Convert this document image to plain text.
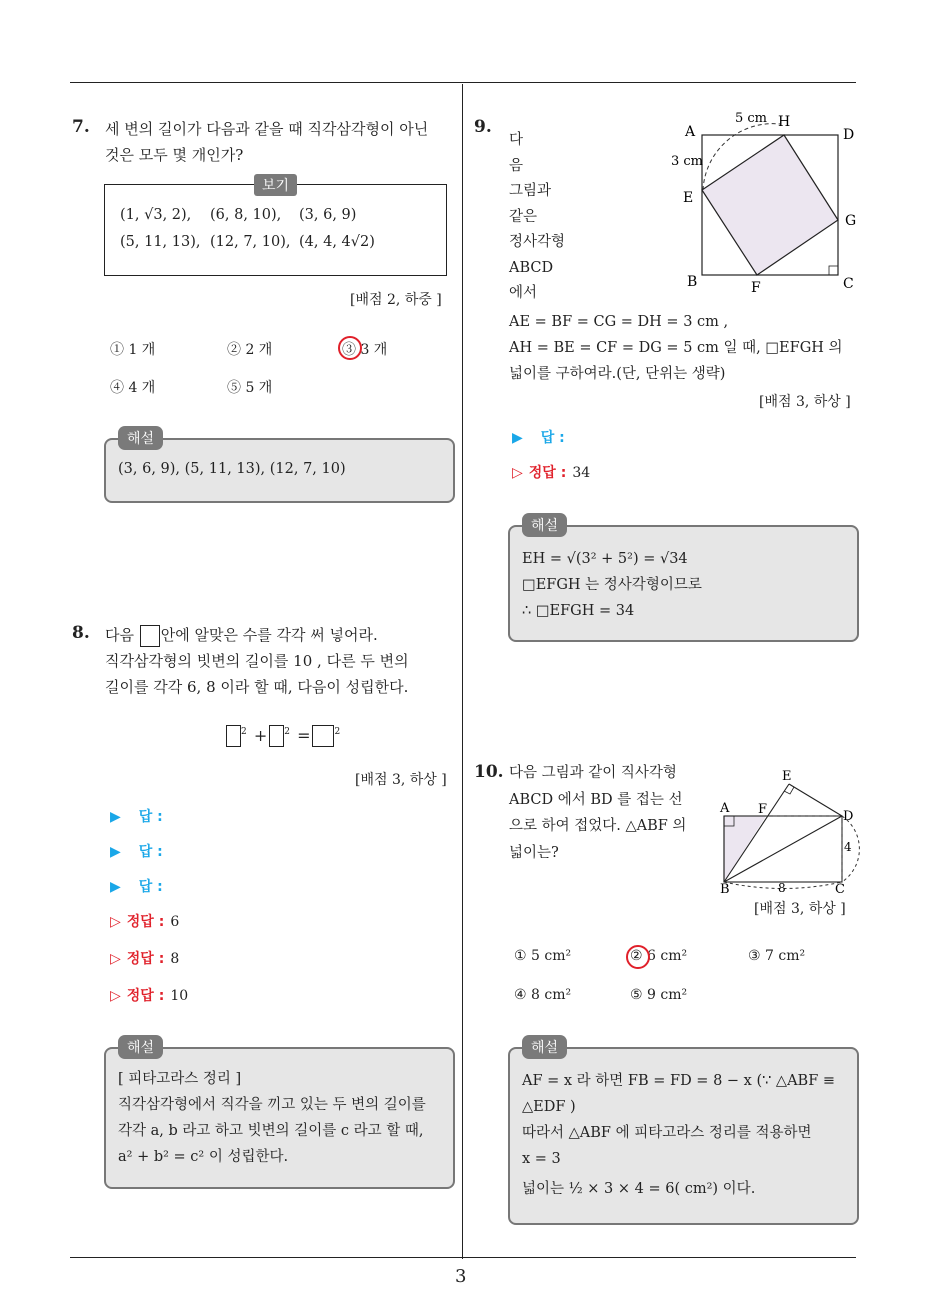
3
7. 세 변의 길이가 다음과 같을 때 직각삼각형이 아닌
것은 모두 몇 개인가?
보기
(1, √3, 2), (6, 8, 10), (3, 6, 9)
(5, 11, 13), (12, 7, 10), (4, 4, 4√2)
[배점 2, 하중 ]
① 1 개	② 2 개	③ 3 개
④ 4 개	⑤ 5 개
해설
(3, 6, 9), (5, 11, 13), (12, 7, 10)
8. 다음 안에 알맞은 수를 각각 써 넣어라.
직각삼각형의 빗변의 길이를 10 , 다른 두 변의
길이를 각각 6, 8 이라 할 때, 다음이 성립한다.
$^2$ + $^2$ =	$^2$
[배점 3, 하상 ]
▶ 답 :
▶ 답 :
▶ 답 :
▷ 정답 : 6
▷ 정답 : 8
▷ 정답 : 10
해설
[ 피타고라스 정리 ]
직각삼각형에서 직각을 끼고 있는 두 변의 길이를
각각 a, b 라고 하고 빗변의 길이를 c 라고 할 때,
a² + b² = c² 이 성립한다.
9.
다
음
그림과
같은
정사각형
ABCD
에서
AE = BF = CG = DH = 3 cm ,
AH = BE = CF = DG = 5 cm 일 때, □EFGH 의
넓이를 구하여라.(단, 단위는 생략)
A	D
B	C
E
F
G
H
5 cm
3 cm
[배점 3, 하상 ]
▶ 답 :
▷ 정답 : 34
해설
EH = √(3² + 5²) = √34
□EFGH 는 정사각형이므로
∴ □EFGH = 34
10. 다음 그림과 같이 직사각형
ABCD 에서 BD 를 접는 선
으로 하여 접었다. △ABF 의
넓이는?
A F
E
D
B	C
4
8
[배점 3, 하상 ]
① 5 cm²	② 6 cm²	③ 7 cm²
④ 8 cm²	⑤ 9 cm²
해설
AF = x 라 하면 FB = FD = 8 − x (∵ △ABF ≡
△EDF )
따라서 △ABF 에 피타고라스 정리를 적용하면
x = 3
넓이는 ½ × 3 × 4 = 6( cm²) 이다.
